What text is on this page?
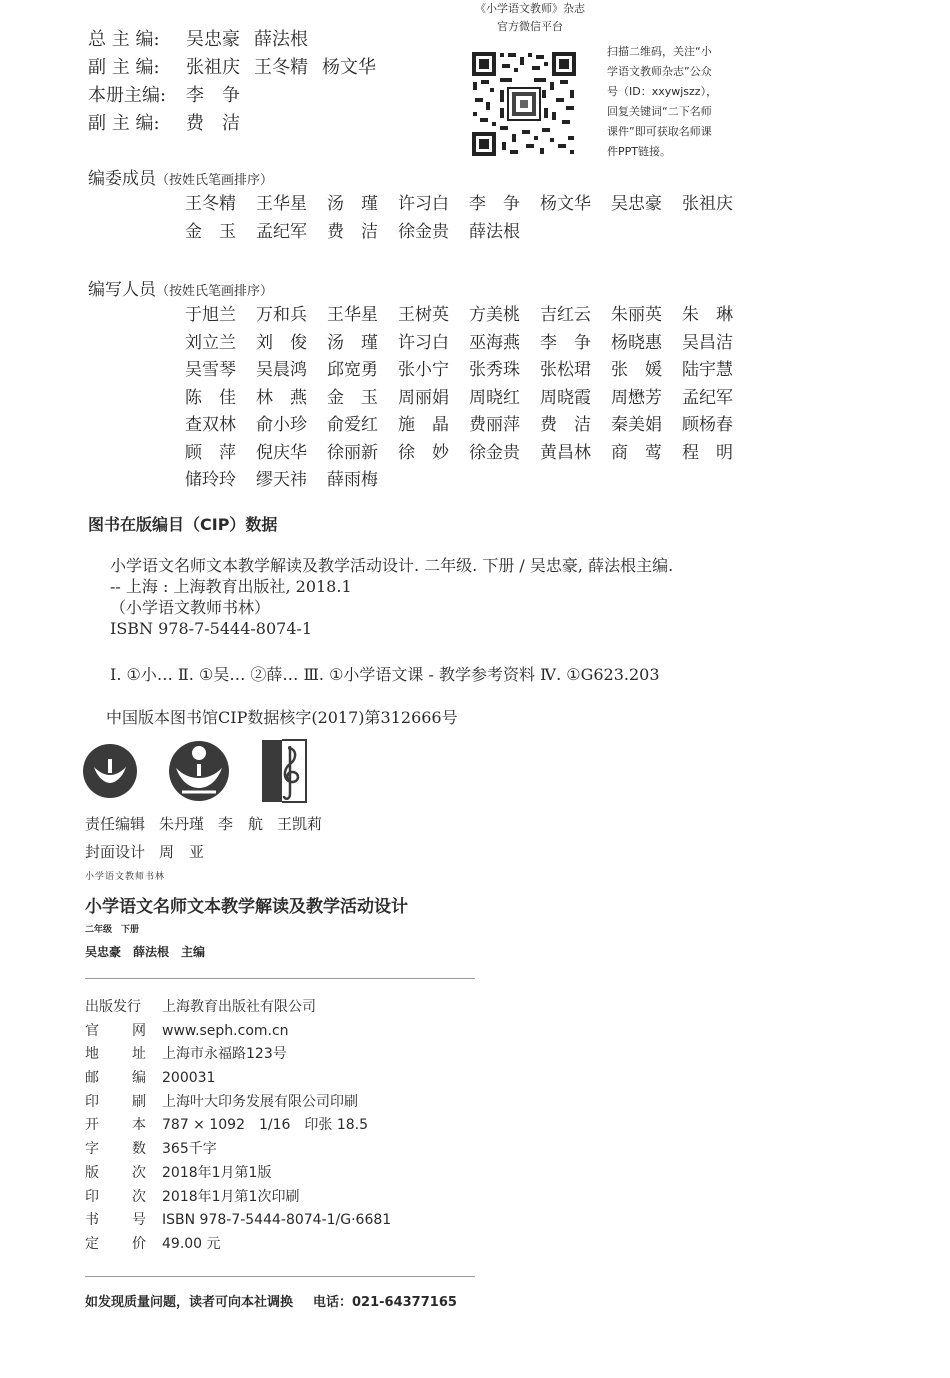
总 主 编:	吴忠豪 薛法根
副 主 编:	张祖庆 王冬精 杨文华
本册主编:	李　争
副 主 编:	费　洁
《小学语文教师》杂志
官方微信平台
扫描二维码，关注“小
学语文教师杂志”公众
号（ID：xxywjszz），
回复关键词“二下名师
课件”即可获取名师课
件PPT链接。
编委成员（按姓氏笔画排序）
王冬精	王华星	汤　瑾	许习白	李　争	杨文华	吴忠豪	张祖庆
金　玉	孟纪军	费　洁	徐金贵	薛法根
编写人员（按姓氏笔画排序）
于旭兰	万和兵	王华星	王树英	方美桃	吉红云	朱丽英	朱　琳
刘立兰	刘　俊	汤　瑾	许习白	巫海燕	李　争	杨晓惠	吴昌洁
吴雪琴	吴晨鸿	邱宽勇	张小宁	张秀珠	张松珺	张　媛	陆宇慧
陈　佳	林　燕	金　玉	周丽娟	周晓红	周晓霞	周懋芳	孟纪军
查双林	俞小珍	俞爱红	施　晶	费丽萍	费　洁	秦美娟	顾杨春
顾　萍	倪庆华	徐丽新	徐　妙	徐金贵	黄昌林	商　莺	程　明
储玲玲	缪天祎	薛雨梅
图书在版编目（CIP）数据
小学语文名师文本教学解读及教学活动设计. 二年级. 下册 / 吴忠豪, 薛法根主编.
-- 上海 : 上海教育出版社, 2018.1
（小学语文教师书林）
ISBN 978-7-5444-8074-1
Ⅰ. ①小… Ⅱ. ①吴… ②薛… Ⅲ. ①小学语文课 - 教学参考资料 Ⅳ. ①G623.203
中国版本图书馆CIP数据核字(2017)第312666号
责任编辑 朱丹瑾 李　航 王凯莉
封面设计 周　亚
小学语文教师书林
小学语文名师文本教学解读及教学活动设计
二年级　下册
吴忠豪　薛法根　主编
出版发行	上海教育出版社有限公司
官 网 www.seph.com.cn
地 址 上海市永福路123号
邮 编 200031
印 刷 上海叶大印务发展有限公司印刷
开 本 787 × 1092　1/16　印张 18.5
字 数 365千字
版 次 2018年1月第1版
印 次 2018年1月第1次印刷
书 号 ISBN 978-7-5444-8074-1/G·6681
定 价 49.00 元
如发现质量问题，读者可向本社调换 电话：021-64377165
